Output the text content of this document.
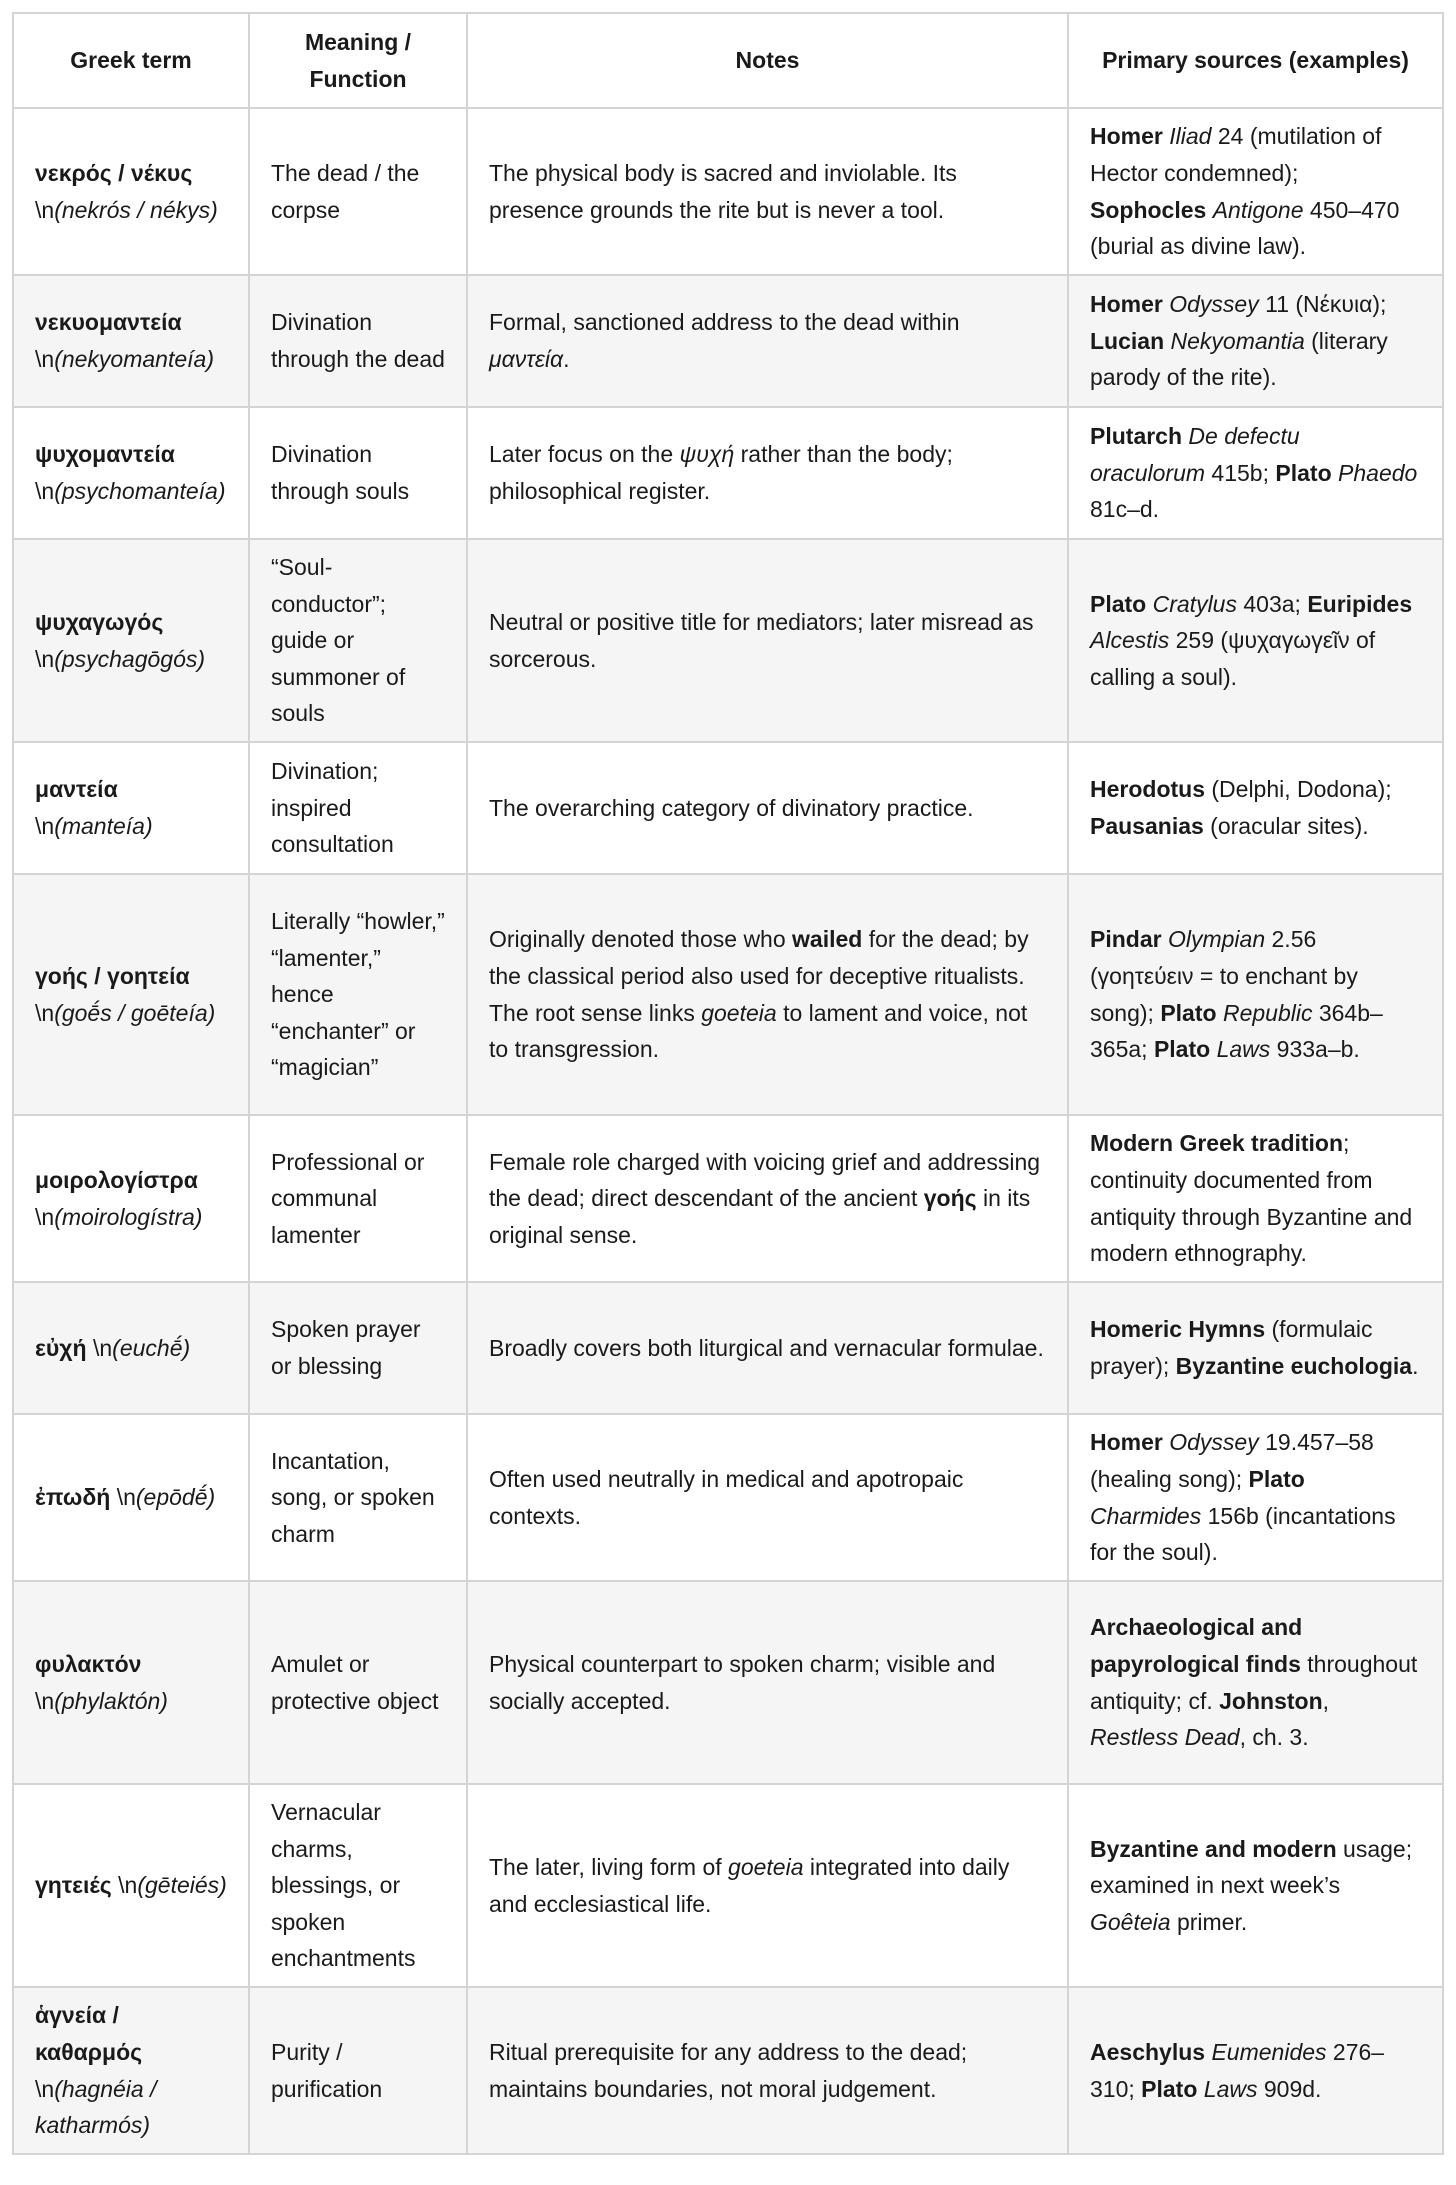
Greek term	Meaning / Function	Notes	Primary sources (examples)
νεκρός / νέκυς \n(nekrós / nékys)	The dead / the corpse	The physical body is sacred and inviolable. Its presence grounds the rite but is never a tool.	Homer Iliad 24 (mutilation of Hector condemned); Sophocles Antigone 450–470 (burial as divine law).
νεκυομαντεία \n(nekyomanteía)	Divination through the dead	Formal, sanctioned address to the dead within μαντεία.	Homer Odyssey 11 (Νέκυια); Lucian Nekyomantia (literary parody of the rite).
ψυχομαντεία \n(psychomanteía)	Divination through souls	Later focus on the ψυχή rather than the body; philosophical register.	Plutarch De defectu oraculorum 415b; Plato Phaedo 81c–d.
ψυχαγωγός \n(psychagōgós)	“Soul-conductor”; guide or summoner of souls	Neutral or positive title for mediators; later misread as sorcerous.	Plato Cratylus 403a; Euripides Alcestis 259 (ψυχαγωγεῖν of calling a soul).
μαντεία \n(manteía)	Divination; inspired consultation	The overarching category of divinatory practice.	Herodotus (Delphi, Dodona); Pausanias (oracular sites).
γοής / γοητεία \n(goḗs / goēteía)	Literally “howler,” “lamenter,” hence “enchanter” or “magician”	Originally denoted those who wailed for the dead; by the classical period also used for deceptive ritualists. The root sense links goeteia to lament and voice, not to transgression.	Pindar Olympian 2.56 (γοητεύειν = to enchant by song); Plato Republic 364b–365a; Plato Laws 933a–b.
μοιρολογίστρα \n(moirologístra)	Professional or communal lamenter	Female role charged with voicing grief and addressing the dead; direct descendant of the ancient γοής in its original sense.	Modern Greek tradition; continuity documented from antiquity through Byzantine and modern ethnography.
εὐχή \n(euchḗ)	Spoken prayer or blessing	Broadly covers both liturgical and vernacular formulae.	Homeric Hymns (formulaic prayer); Byzantine euchologia.
ἐπωδή \n(epōdḗ)	Incantation, song, or spoken charm	Often used neutrally in medical and apotropaic contexts.	Homer Odyssey 19.457–58 (healing song); Plato Charmides 156b (incantations for the soul).
φυλακτόν \n(phylaktón)	Amulet or protective object	Physical counterpart to spoken charm; visible and socially accepted.	Archaeological and papyrological finds throughout antiquity; cf. Johnston, Restless Dead, ch. 3.
γητειές \n(gēteiés)	Vernacular charms, blessings, or spoken enchantments	The later, living form of goeteia integrated into daily and ecclesiastical life.	Byzantine and modern usage; examined in next week’s Goêteia primer.
ἁγνεία / καθαρμός \n(hagnéia / katharmós)	Purity / purification	Ritual prerequisite for any address to the dead; maintains boundaries, not moral judgement.	Aeschylus Eumenides 276–310; Plato Laws 909d.
